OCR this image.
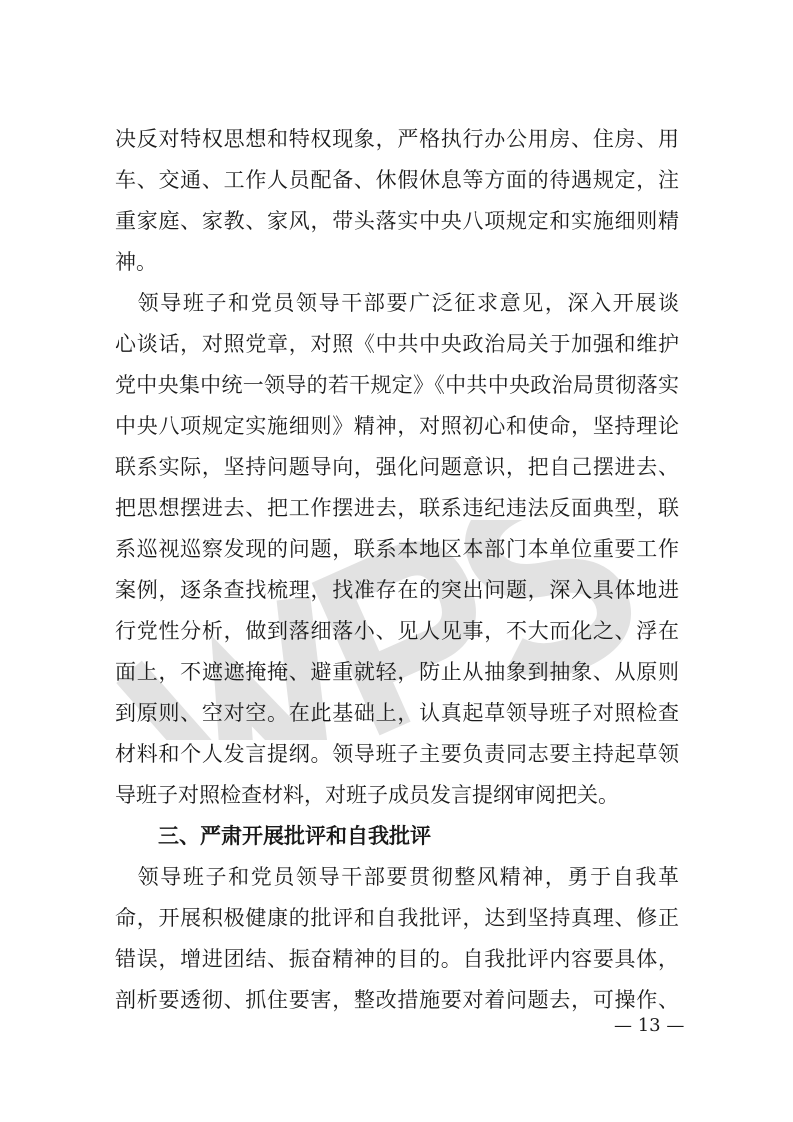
决反对特权思想和特权现象，严格执行办公用房、住房、用
车、交通、工作人员配备、休假休息等方面的待遇规定，注
重家庭、家教、家风，带头落实中央八项规定和实施细则精
神。
　领导班子和党员领导干部要广泛征求意见，深入开展谈
心谈话，对照党章，对照《中共中央政治局关于加强和维护
党中央集中统一领导的若干规定》《中共中央政治局贯彻落实
中央八项规定实施细则》精神，对照初心和使命，坚持理论
联系实际，坚持问题导向，强化问题意识，把自己摆进去、
把思想摆进去、把工作摆进去，联系违纪违法反面典型，联
系巡视巡察发现的问题，联系本地区本部门本单位重要工作
案例，逐条查找梳理，找准存在的突出问题，深入具体地进
行党性分析，做到落细落小、见人见事，不大而化之、浮在
面上，不遮遮掩掩、避重就轻，防止从抽象到抽象、从原则
到原则、空对空。在此基础上，认真起草领导班子对照检查
材料和个人发言提纲。领导班子主要负责同志要主持起草领
导班子对照检查材料，对班子成员发言提纲审阅把关。
三、严肃开展批评和自我批评
　领导班子和党员领导干部要贯彻整风精神，勇于自我革
命，开展积极健康的批评和自我批评，达到坚持真理、修正
错误，增进团结、振奋精神的目的。自我批评内容要具体，
剖析要透彻、抓住要害，整改措施要对着问题去，可操作、
— 13 —
